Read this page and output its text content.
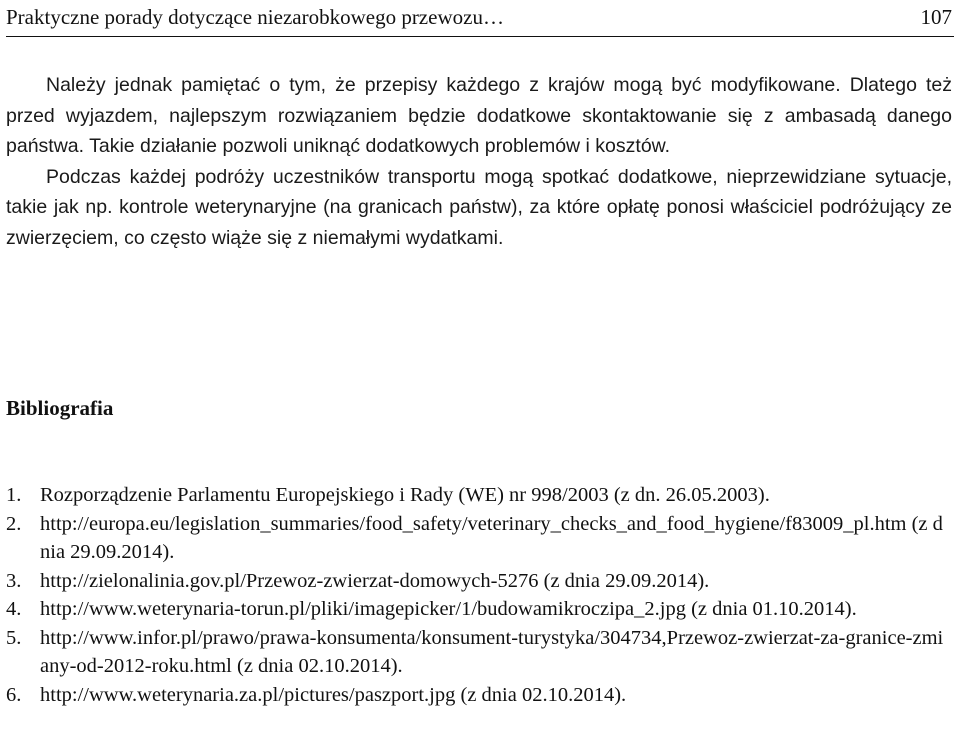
Praktyczne porady dotyczące niezarobkowego przewozu…	107

Należy jednak pamiętać o tym, że przepisy każdego z krajów mogą być modyfikowane. Dlatego też przed wyjazdem, najlepszym rozwiązaniem będzie dodatkowe skontaktowanie się z ambasadą danego państwa. Takie działanie pozwoli uniknąć dodatkowych problemów i kosztów.

Podczas każdej podróży uczestników transportu mogą spotkać dodatkowe, nieprzewidziane sytuacje, takie jak np. kontrole weterynaryjne (na granicach państw), za które opłatę ponosi właściciel podróżujący ze zwierzęciem, co często wiąże się z niemałymi wydatkami.

Bibliografia
1. Rozporządzenie Parlamentu Europejskiego i Rady (WE) nr 998/2003 (z dn. 26.05.2003).
2. http://europa.eu/legislation_summaries/food_safety/veterinary_checks_and_food_hygiene/f83009_pl.htm (z dnia 29.09.2014).
3. http://zielonalinia.gov.pl/Przewoz-zwierzat-domowych-5276 (z dnia 29.09.2014).
4. http://www.weterynaria-torun.pl/pliki/imagepicker/1/budowamikroczipa_2.jpg (z dnia 01.10.2014).
5. http://www.infor.pl/prawo/prawa-konsumenta/konsument-turystyka/304734,Przewoz-zwierzat-za-granice-zmiany-od-2012-roku.html (z dnia 02.10.2014).
6. http://www.weterynaria.za.pl/pictures/paszport.jpg (z dnia 02.10.2014).
